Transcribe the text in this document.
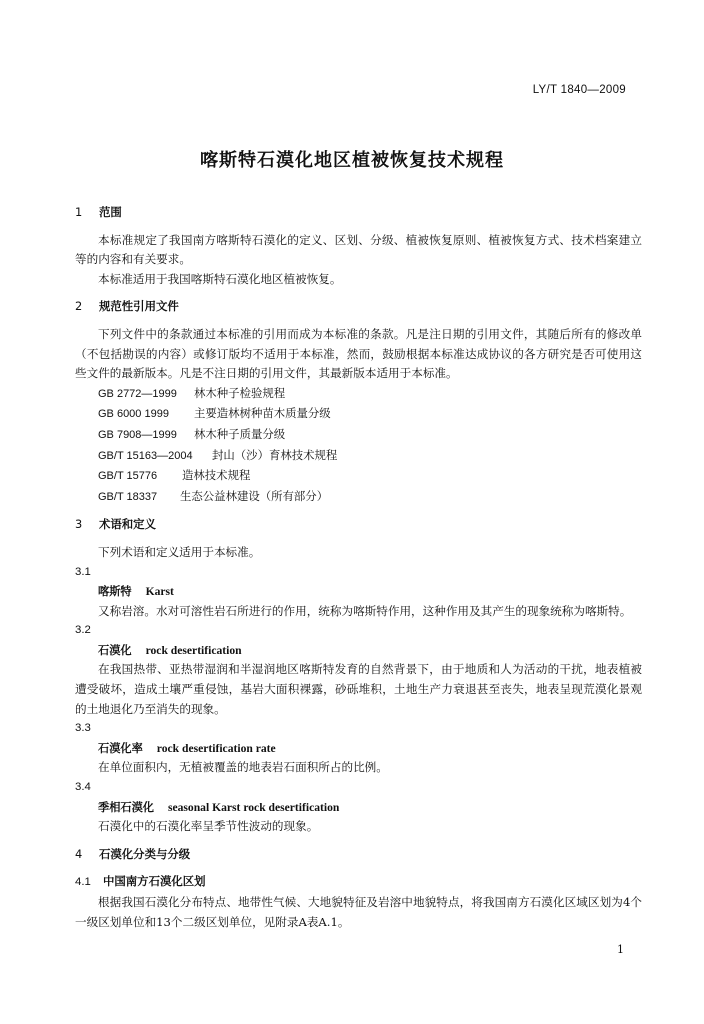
LY/T 1840—2009
喀斯特石漠化地区植被恢复技术规程

1 范围

本标准规定了我国南方喀斯特石漠化的定义、区划、分级、植被恢复原则、植被恢复方式、技术档案建立等的内容和有关要求。

本标准适用于我国喀斯特石漠化地区植被恢复。

2 规范性引用文件

下列文件中的条款通过本标准的引用而成为本标准的条款。凡是注日期的引用文件，其随后所有的修改单（不包括勘误的内容）或修订版均不适用于本标准，然而，鼓励根据本标准达成协议的各方研究是否可使用这些文件的最新版本。凡是不注日期的引用文件，其最新版本适用于本标准。

GB 2772—1999 林木种子检验规程

GB 6000 1999 主要造林树种苗木质量分级

GB 7908—1999 林木种子质量分级

GB/T 15163—2004 封山（沙）育林技术规程

GB/T 15776 造林技术规程

GB/T 18337 生态公益林建设（所有部分）

3 术语和定义

下列术语和定义适用于本标准。

3.1

喀斯特 Karst

又称岩溶。水对可溶性岩石所进行的作用，统称为喀斯特作用，这种作用及其产生的现象统称为喀斯特。

3.2

石漠化 rock desertification

在我国热带、亚热带湿润和半湿润地区喀斯特发育的自然背景下，由于地质和人为活动的干扰，地表植被遭受破坏，造成土壤严重侵蚀，基岩大面积裸露，砂砾堆积，土地生产力衰退甚至丧失，地表呈现荒漠化景观的土地退化乃至消失的现象。

3.3

石漠化率 rock desertification rate

在单位面积内，无植被覆盖的地表岩石面积所占的比例。

3.4

季相石漠化 seasonal Karst rock desertification

石漠化中的石漠化率呈季节性波动的现象。

4 石漠化分类与分级

4.1 中国南方石漠化区划

根据我国石漠化分布特点、地带性气候、大地貌特征及岩溶中地貌特点，将我国南方石漠化区域区划为4个一级区划单位和13个二级区划单位，见附录A表A.1。

1
